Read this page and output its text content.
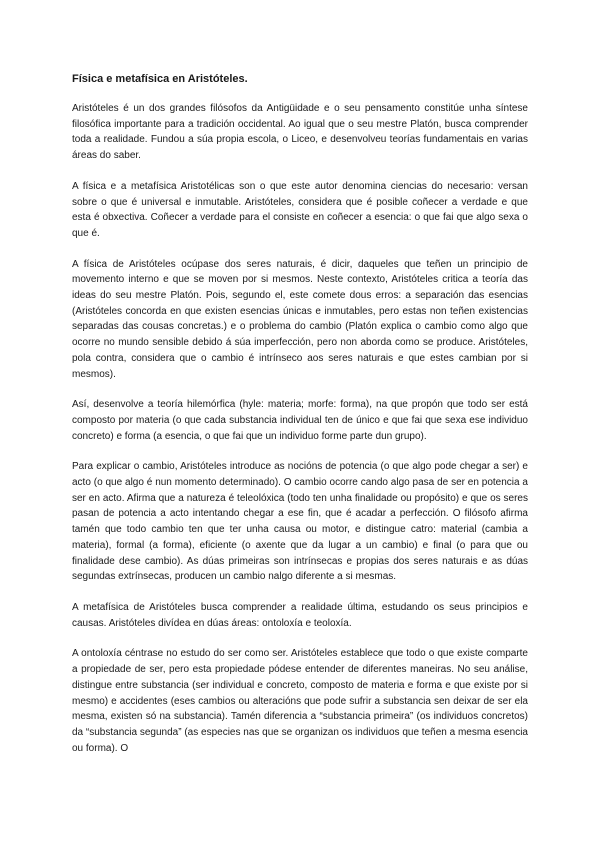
Física e metafísica en Aristóteles.

Aristóteles é un dos grandes filósofos da Antigüidade e o seu pensamento constitúe unha síntese filosófica importante para a tradición occidental. Ao igual que o seu mestre Platón, busca comprender toda a realidade. Fundou a súa propia escola, o Liceo, e desenvolveu teorías fundamentais en varias áreas do saber.

A física e a metafísica Aristotélicas son o que este autor denomina ciencias do necesario: versan sobre o que é universal e inmutable. Aristóteles, considera que é posible coñecer a verdade e que esta é obxectiva. Coñecer a verdade para el consiste en coñecer a esencia: o que fai que algo sexa o que é.

A física de Aristóteles ocúpase dos seres naturais, é dicir, daqueles que teñen un principio de movemento interno e que se moven por si mesmos. Neste contexto, Aristóteles critica a teoría das ideas do seu mestre Platón. Pois, segundo el, este comete dous erros: a separación das esencias (Aristóteles concorda en que existen esencias únicas e inmutables, pero estas non teñen existencias separadas das cousas concretas.) e o problema do cambio (Platón explica o cambio como algo que ocorre no mundo sensible debido á súa imperfección, pero non aborda como se produce. Aristóteles, pola contra, considera que o cambio é intrínseco aos seres naturais e que estes cambian por si mesmos).

Así, desenvolve a teoría hilemórfica (hyle: materia; morfe: forma), na que propón que todo ser está composto por materia (o que cada substancia individual ten de único e que fai que sexa ese individuo concreto) e forma (a esencia, o que fai que un individuo forme parte dun grupo).

Para explicar o cambio, Aristóteles introduce as nocións de potencia (o que algo pode chegar a ser) e acto (o que algo é nun momento determinado). O cambio ocorre cando algo pasa de ser en potencia a ser en acto. Afirma que a natureza é teleolóxica (todo ten unha finalidade ou propósito) e que os seres pasan de potencia a acto intentando chegar a ese fin, que é acadar a perfección. O filósofo afirma tamén que todo cambio ten que ter unha causa ou motor, e distingue catro: material (cambia a materia), formal (a forma), eficiente (o axente que da lugar a un cambio) e final (o para que ou finalidade dese cambio). As dúas primeiras son intrínsecas e propias dos seres naturais e as dúas segundas extrínsecas, producen un cambio nalgo diferente a si mesmas.

A metafísica de Aristóteles busca comprender a realidade última, estudando os seus principios e causas. Aristóteles divídea en dúas áreas: ontoloxía e teoloxía.

A ontoloxía céntrase no estudo do ser como ser. Aristóteles establece que todo o que existe comparte a propiedade de ser, pero esta propiedade pódese entender de diferentes maneiras. No seu análise, distingue entre substancia (ser individual e concreto, composto de materia e forma e que existe por si mesmo) e accidentes (eses cambios ou alteracións que pode sufrir a substancia sen deixar de ser ela mesma, existen só na substancia). Tamén diferencia a “substancia primeira” (os individuos concretos) da “substancia segunda” (as especies nas que se organizan os individuos que teñen a mesma esencia ou forma). O
